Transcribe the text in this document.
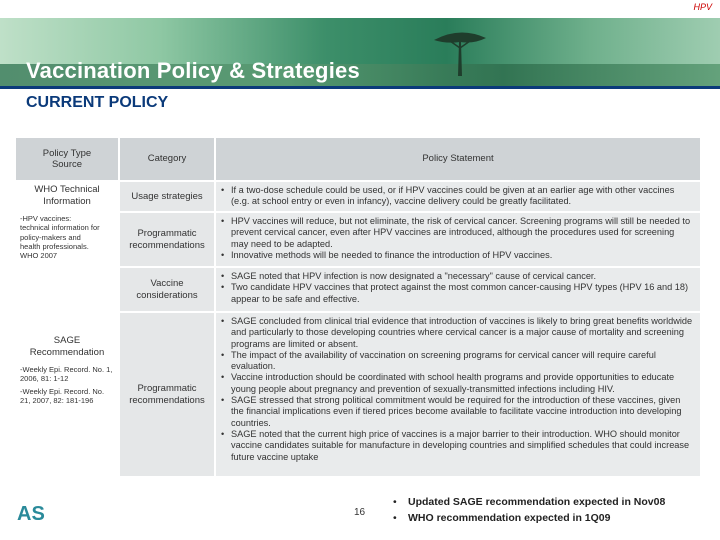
HPV
Vaccination Policy & Strategies
CURRENT POLICY
Policy Type Source
Category	Policy Statement
WHO Technical Information
-HPV vaccines: technical information for policy-makers and health professionals. WHO 2007
SAGE Recommendation
-Weekly Epi. Record. No. 1, 2006, 81: 1-12
-Weekly Epi. Record. No. 21, 2007, 82: 181-196
Usage strategies
• If a two-dose schedule could be used, or if HPV vaccines could be given at an earlier age with other vaccines (e.g. at school entry or even in infancy), vaccine delivery could be greatly facilitated.
Programmatic recommendations
• HPV vaccines will reduce, but not eliminate, the risk of cervical cancer. Screening programs will still be needed to prevent cervical cancer, even after HPV vaccines are introduced, although the procedures used for screening may need to be adapted.
• Innovative methods will be needed to finance the introduction of HPV vaccines.
Vaccine considerations
• SAGE noted that HPV infection is now designated a "necessary" cause of cervical cancer.
• Two candidate HPV vaccines that protect against the most common cancer-causing HPV types (HPV 16 and 18) appear to be safe and effective.
Programmatic recommendations
• SAGE concluded from clinical trial evidence that introduction of vaccines is likely to bring great benefits worldwide and particularly to those developing countries where cervical cancer is a major cause of mortality and screening programs are limited or absent.
• The impact of the availability of vaccination on screening programs for cervical cancer will require careful evaluation.
• Vaccine introduction should be coordinated with school health programs and provide opportunities to educate young people about pregnancy and prevention of sexually-transmitted infections including HIV.
• SAGE stressed that strong political commitment would be required for the introduction of these vaccines, given the financial implications even if tiered prices become available to facilitate vaccine introduction into developing countries.
• SAGE noted that the current high price of vaccines is a major barrier to their introduction. WHO should monitor vaccine candidates suitable for manufacture in developing countries and simplified schedules that could increase future vaccine uptake
AS	16
• Updated SAGE recommendation expected in Nov08
• WHO recommendation expected in 1Q09
